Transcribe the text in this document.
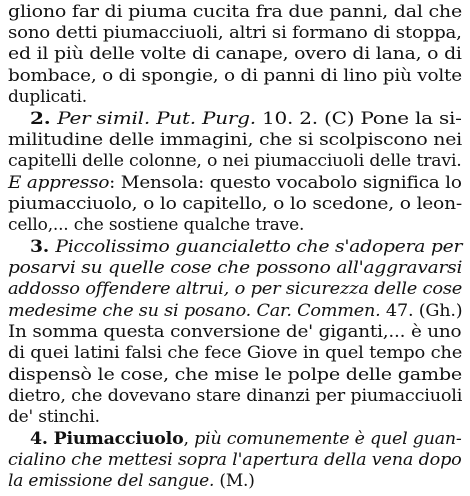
gliono far di piuma cucita fra due panni, dal che
sono detti piumacciuoli, altri si formano di stoppa,
ed il più delle volte di canape, overo di lana, o di
bombace, o di spongie, o di panni di lino più volte
duplicati.
2. Per simil. Put. Purg. 10. 2. (C) Pone la si-
militudine delle immagini, che si scolpiscono nei
capitelli delle colonne, o nei piumacciuoli delle travi.
E appresso: Mensola: questo vocabolo significa lo
piumacciuolo, o lo capitello, o lo scedone, o leon-
cello,... che sostiene qualche trave.
3. Piccolissimo guancialetto che s'adopera per
posarvi su quelle cose che possono all'aggravarsi
addosso offendere altrui, o per sicurezza delle cose
medesime che su si posano. Car. Commen. 47. (Gh.)
In somma questa conversione de' giganti,... è uno
di quei latini falsi che fece Giove in quel tempo che
dispensò le cose, che mise le polpe delle gambe
dietro, che dovevano stare dinanzi per piumacciuoli
de' stinchi.
4. Piumacciuolo, più comunemente è quel guan-
cialino che mettesi sopra l'apertura della vena dopo
la emissione del sangue. (M.)
